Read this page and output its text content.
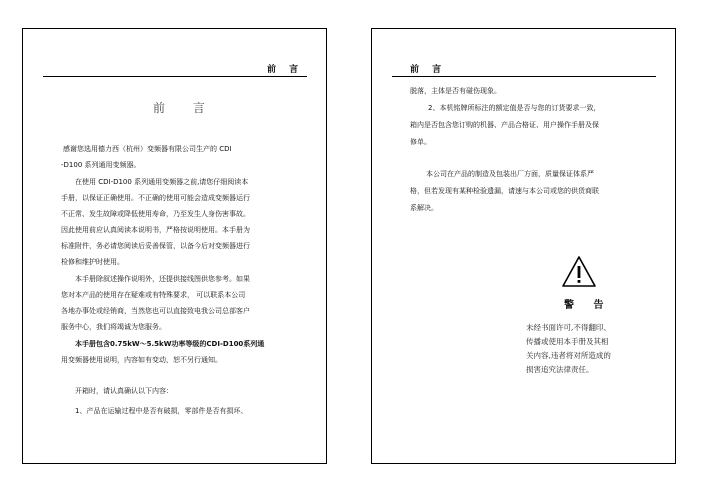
前 言
前 言
感谢您选用德力西（杭州）变频器有限公司生产的 CDI
-D100 系列通用变频器。
在使用 CDI-D100 系列通用变频器之前,请您仔细阅读本
手册，以保证正确使用。不正确的使用可能会造成变频器运行
不正常、发生故障或降低使用寿命，乃至发生人身伤害事故。
因此使用前应认真阅读本说明书，严格按说明使用。本手册为
标准附件，务必请您阅读后妥善保管，以备今后对变频器进行
检修和维护时使用。
本手册除叙述操作说明外，还提供接线图供您参考。如果
您对本产品的使用存在疑难或有特殊要求， 可以联系本公司
各地办事处或经销商，当然您也可以直接致电我公司总部客户
服务中心，我们将竭诚为您服务。
本手册包含0.75kW～5.5kW功率等级的CDI-D100系列通
用变频器使用说明，内容如有变动，恕不另行通知。
开箱时，请认真确认以下内容：
1、产品在运输过程中是否有破损，零部件是否有损坏、
前 言
脱落，主体是否有碰伤现象。
2、本机铭牌所标注的额定值是否与您的订货要求一致，
箱内是否包含您订购的机器、产品合格证、用户操作手册及保
修单。
本公司在产品的制造及包装出厂方面，质量保证体系严
格，但若发现有某种检验遗漏，请速与本公司或您的供货商联
系解决。
警 告
未经书面许可,不得翻印、
传播或使用本手册及其相
关内容,违者将对所造成的
损害追究法律责任。
